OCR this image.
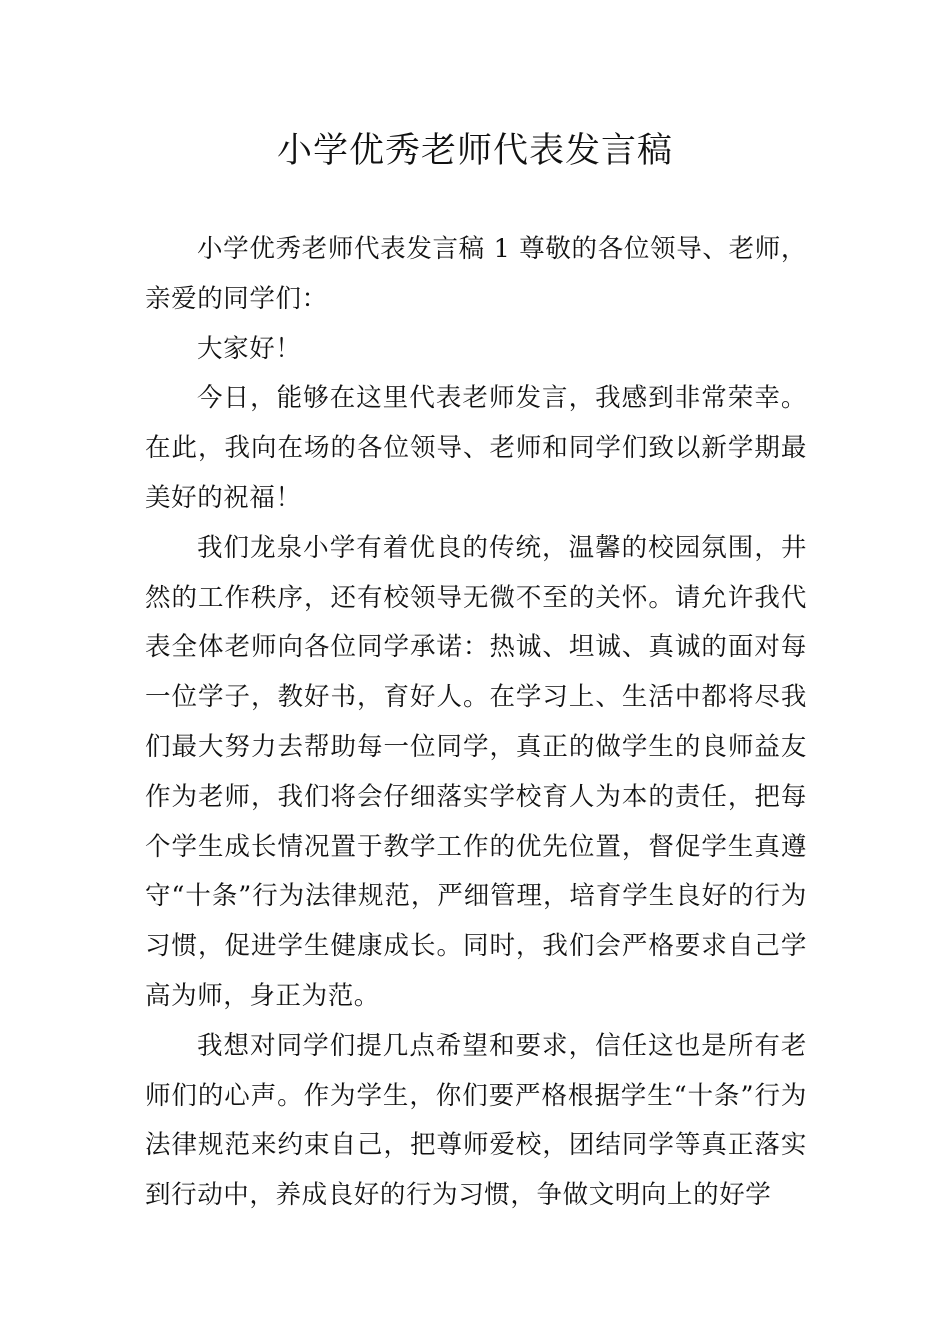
小学优秀老师代表发言稿

小学优秀老师代表发言稿 1 尊敬的各位领导、老师，亲爱的同学们：

大家好！

今日，能够在这里代表老师发言，我感到非常荣幸。在此，我向在场的各位领导、老师和同学们致以新学期最美好的祝福！

我们龙泉小学有着优良的传统，温馨的校园氛围，井然的工作秩序，还有校领导无微不至的关怀。请允许我代表全体老师向各位同学承诺：热诚、坦诚、真诚的面对每一位学子，教好书，育好人。在学习上、生活中都将尽我们最大努力去帮助每一位同学，真正的做学生的良师益友作为老师，我们将会仔细落实学校育人为本的责任，把每个学生成长情况置于教学工作的优先位置，督促学生真遵守“十条”行为法律规范，严细管理，培育学生良好的行为习惯，促进学生健康成长。同时，我们会严格要求自己学高为师，身正为范。

我想对同学们提几点希望和要求，信任这也是所有老师们的心声。作为学生，你们要严格根据学生“十条”行为法律规范来约束自己，把尊师爱校，团结同学等真正落实到行动中，养成良好的行为习惯，争做文明向上的好学
